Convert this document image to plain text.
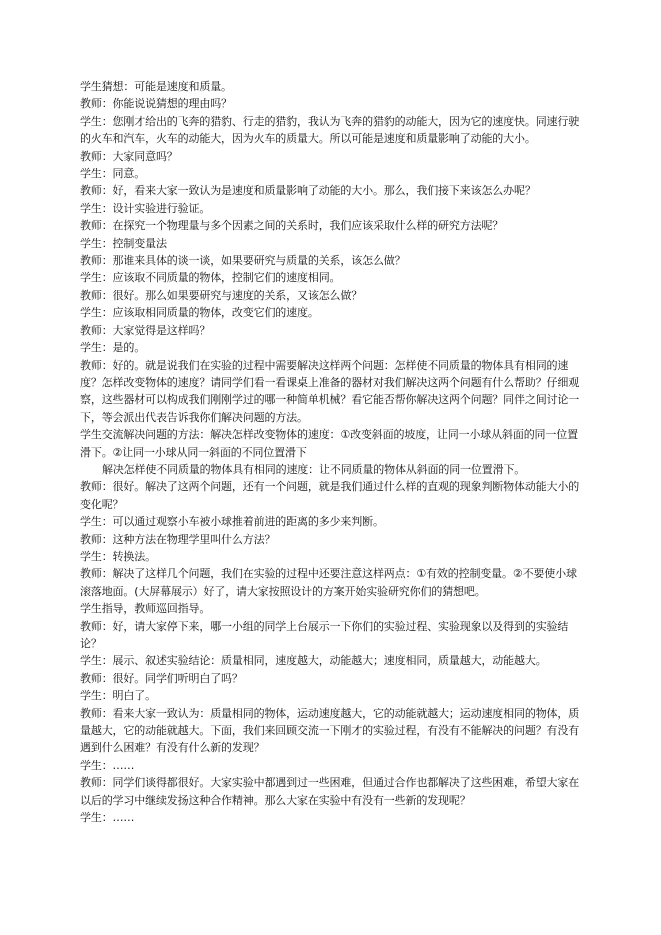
学生猜想：可能是速度和质量。

教师：你能说说猜想的理由吗？

学生：您刚才给出的飞奔的猎豹、行走的猎豹，我认为飞奔的猎豹的动能大，因为它的速度快。同速行驶的火车和汽车，火车的动能大，因为火车的质量大。所以可能是速度和质量影响了动能的大小。

教师：大家同意吗？

学生：同意。

教师：好，看来大家一致认为是速度和质量影响了动能的大小。那么，我们接下来该怎么办呢？

学生：设计实验进行验证。

教师：在探究一个物理量与多个因素之间的关系时，我们应该采取什么样的研究方法呢？

学生：控制变量法

教师：那谁来具体的谈一谈，如果要研究与质量的关系，该怎么做？

学生：应该取不同质量的物体，控制它们的速度相同。

教师：很好。那么如果要研究与速度的关系，又该怎么做？

学生：应该取相同质量的物体，改变它们的速度。

教师：大家觉得是这样吗？

学生：是的。

教师：好的。就是说我们在实验的过程中需要解决这样两个问题：怎样使不同质量的物体具有相同的速度？怎样改变物体的速度？请同学们看一看课桌上准备的器材对我们解决这两个问题有什么帮助？仔细观察，这些器材可以构成我们刚刚学过的哪一种简单机械？看它能否帮你解决这两个问题？同伴之间讨论一下，等会派出代表告诉我你们解决问题的方法。

学生交流解决问题的方法：解决怎样改变物体的速度：①改变斜面的坡度，让同一小球从斜面的同一位置滑下。②让同一小球从同一斜面的不同位置滑下

解决怎样使不同质量的物体具有相同的速度：让不同质量的物体从斜面的同一位置滑下。

教师：很好。解决了这两个问题，还有一个问题，就是我们通过什么样的直观的现象判断物体动能大小的变化呢？

学生：可以通过观察小车被小球推着前进的距离的多少来判断。

教师：这种方法在物理学里叫什么方法？

学生：转换法。

教师：解决了这样几个问题，我们在实验的过程中还要注意这样两点：①有效的控制变量。②不要使小球滚落地面。(大屏幕展示）好了，请大家按照设计的方案开始实验研究你们的猜想吧。

学生指导，教师巡回指导。

教师：好，请大家停下来，哪一小组的同学上台展示一下你们的实验过程、实验现象以及得到的实验结论？

学生：展示、叙述实验结论：质量相同，速度越大，动能越大；速度相同，质量越大，动能越大。

教师：很好。同学们听明白了吗？

学生：明白了。

教师：看来大家一致认为：质量相同的物体，运动速度越大，它的动能就越大；运动速度相同的物体，质量越大，它的动能就越大。下面，我们来回顾交流一下刚才的实验过程，有没有不能解决的问题？有没有遇到什么困难？有没有什么新的发现？

学生：……

教师：同学们谈得都很好。大家实验中都遇到过一些困难，但通过合作也都解决了这些困难，希望大家在以后的学习中继续发扬这种合作精神。那么大家在实验中有没有一些新的发现呢？

学生：……
